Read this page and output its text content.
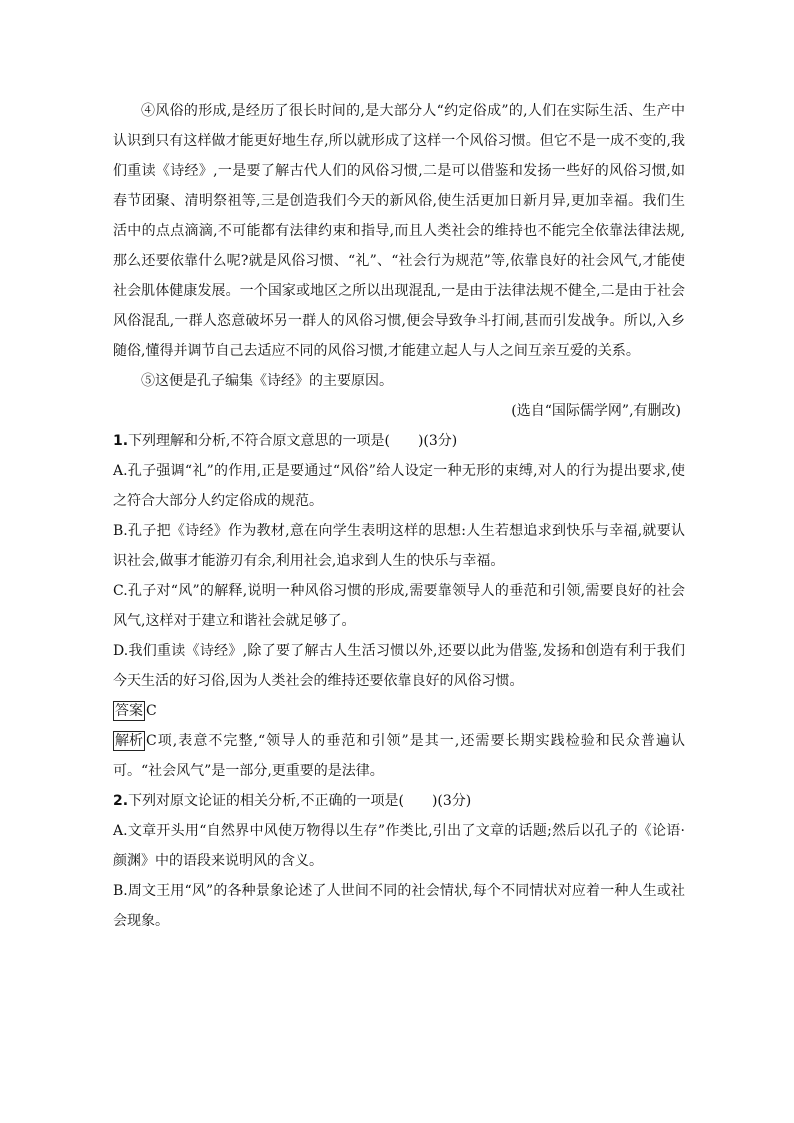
④风俗的形成,是经历了很长时间的,是大部分人“约定俗成”的,人们在实际生活、生产中认识到只有这样做才能更好地生存,所以就形成了这样一个风俗习惯。但它不是一成不变的,我们重读《诗经》,一是要了解古代人们的风俗习惯,二是可以借鉴和发扬一些好的风俗习惯,如春节团聚、清明祭祖等,三是创造我们今天的新风俗,使生活更加日新月异,更加幸福。我们生活中的点点滴滴,不可能都有法律约束和指导,而且人类社会的维持也不能完全依靠法律法规,那么还要依靠什么呢?就是风俗习惯、“礼”、“社会行为规范”等,依靠良好的社会风气,才能使社会肌体健康发展。一个国家或地区之所以出现混乱,一是由于法律法规不健全,二是由于社会风俗混乱,一群人恣意破坏另一群人的风俗习惯,便会导致争斗打闹,甚而引发战争。所以,入乡随俗,懂得并调节自己去适应不同的风俗习惯,才能建立起人与人之间互亲互爱的关系。

⑤这便是孔子编集《诗经》的主要原因。

(选自“国际儒学网”,有删改)

1.下列理解和分析,不符合原文意思的一项是(　　)(3分)

A.孔子强调“礼”的作用,正是要通过“风俗”给人设定一种无形的束缚,对人的行为提出要求,使之符合大部分人约定俗成的规范。

B.孔子把《诗经》作为教材,意在向学生表明这样的思想:人生若想追求到快乐与幸福,就要认识社会,做事才能游刃有余,利用社会,追求到人生的快乐与幸福。

C.孔子对“风”的解释,说明一种风俗习惯的形成,需要靠领导人的垂范和引领,需要良好的社会风气,这样对于建立和谐社会就足够了。

D.我们重读《诗经》,除了要了解古人生活习惯以外,还要以此为借鉴,发扬和创造有利于我们今天生活的好习俗,因为人类社会的维持还要依靠良好的风俗习惯。

答案 C

解析 C项,表意不完整,“领导人的垂范和引领”是其一,还需要长期实践检验和民众普遍认可。“社会风气”是一部分,更重要的是法律。

2.下列对原文论证的相关分析,不正确的一项是(　　)(3分)

A.文章开头用“自然界中风使万物得以生存”作类比,引出了文章的话题;然后以孔子的《论语·颜渊》中的语段来说明风的含义。

B.周文王用“风”的各种景象论述了人世间不同的社会情状,每个不同情状对应着一种人生或社会现象。
